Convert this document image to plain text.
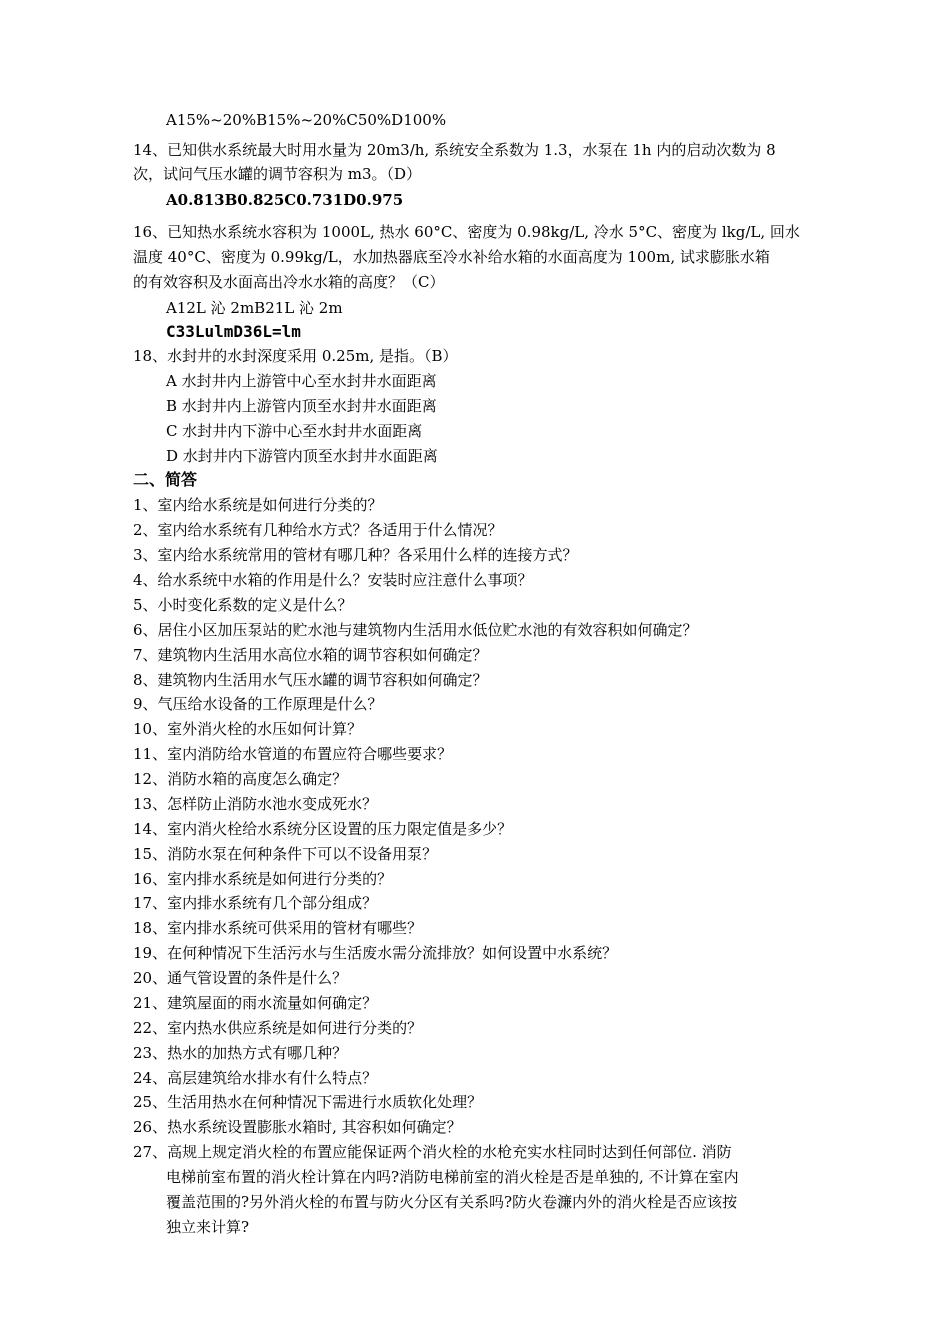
A15%~20%B15%~20%C50%D100%
14、已知供水系统最大时用水量为 20m3/h, 系统安全系数为 1.3，水泵在 1h 内的启动次数为 8
次，试问气压水罐的调节容积为 m3。（D）
A0.813B0.825C0.731D0.975
16、已知热水系统水容积为 1000L, 热水 60°C、密度为 0.98kg/L, 冷水 5°C、密度为 lkg/L, 回水
温度 40°C、密度为 0.99kg/L，水加热器底至冷水补给水箱的水面高度为 100m, 试求膨胀水箱
的有效容积及水面高出冷水水箱的高度？（C）
A12L 沁 2mB21L 沁 2m
C33LulmD36L=lm
18、水封井的水封深度采用 0.25m, 是指。（B）
A 水封井内上游管中心至水封井水面距离
B 水封井内上游管内顶至水封井水面距离
C 水封井内下游中心至水封井水面距离
D 水封井内下游管内顶至水封井水面距离
二、简答
1、室内给水系统是如何进行分类的？
2、室内给水系统有几种给水方式？各适用于什么情况？
3、室内给水系统常用的管材有哪几种？各采用什么样的连接方式？
4、给水系统中水箱的作用是什么？安装时应注意什么事项？
5、小时变化系数的定义是什么？
6、居住小区加压泵站的贮水池与建筑物内生活用水低位贮水池的有效容积如何确定？
7、建筑物内生活用水高位水箱的调节容积如何确定？
8、建筑物内生活用水气压水罐的调节容积如何确定？
9、气压给水设备的工作原理是什么？
10、室外消火栓的水压如何计算？
11、室内消防给水管道的布置应符合哪些要求？
12、消防水箱的高度怎么确定？
13、怎样防止消防水池水变成死水？
14、室内消火栓给水系统分区设置的压力限定值是多少？
15、消防水泵在何种条件下可以不设备用泵？
16、室内排水系统是如何进行分类的？
17、室内排水系统有几个部分组成？
18、室内排水系统可供采用的管材有哪些？
19、在何种情况下生活污水与生活废水需分流排放？如何设置中水系统？
20、通气管设置的条件是什么？
21、建筑屋面的雨水流量如何确定？
22、室内热水供应系统是如何进行分类的？
23、热水的加热方式有哪几种？
24、高层建筑给水排水有什么特点？
25、生活用热水在何种情况下需进行水质软化处理？
26、热水系统设置膨胀水箱时, 其容积如何确定？
27、高规上规定消火栓的布置应能保证两个消火栓的水枪充实水柱同时达到任何部位. 消防
电梯前室布置的消火栓计算在内吗?消防电梯前室的消火栓是否是单独的, 不计算在室内
覆盖范围的?另外消火栓的布置与防火分区有关系吗?防火卷濂内外的消火栓是否应该按
独立来计算?
